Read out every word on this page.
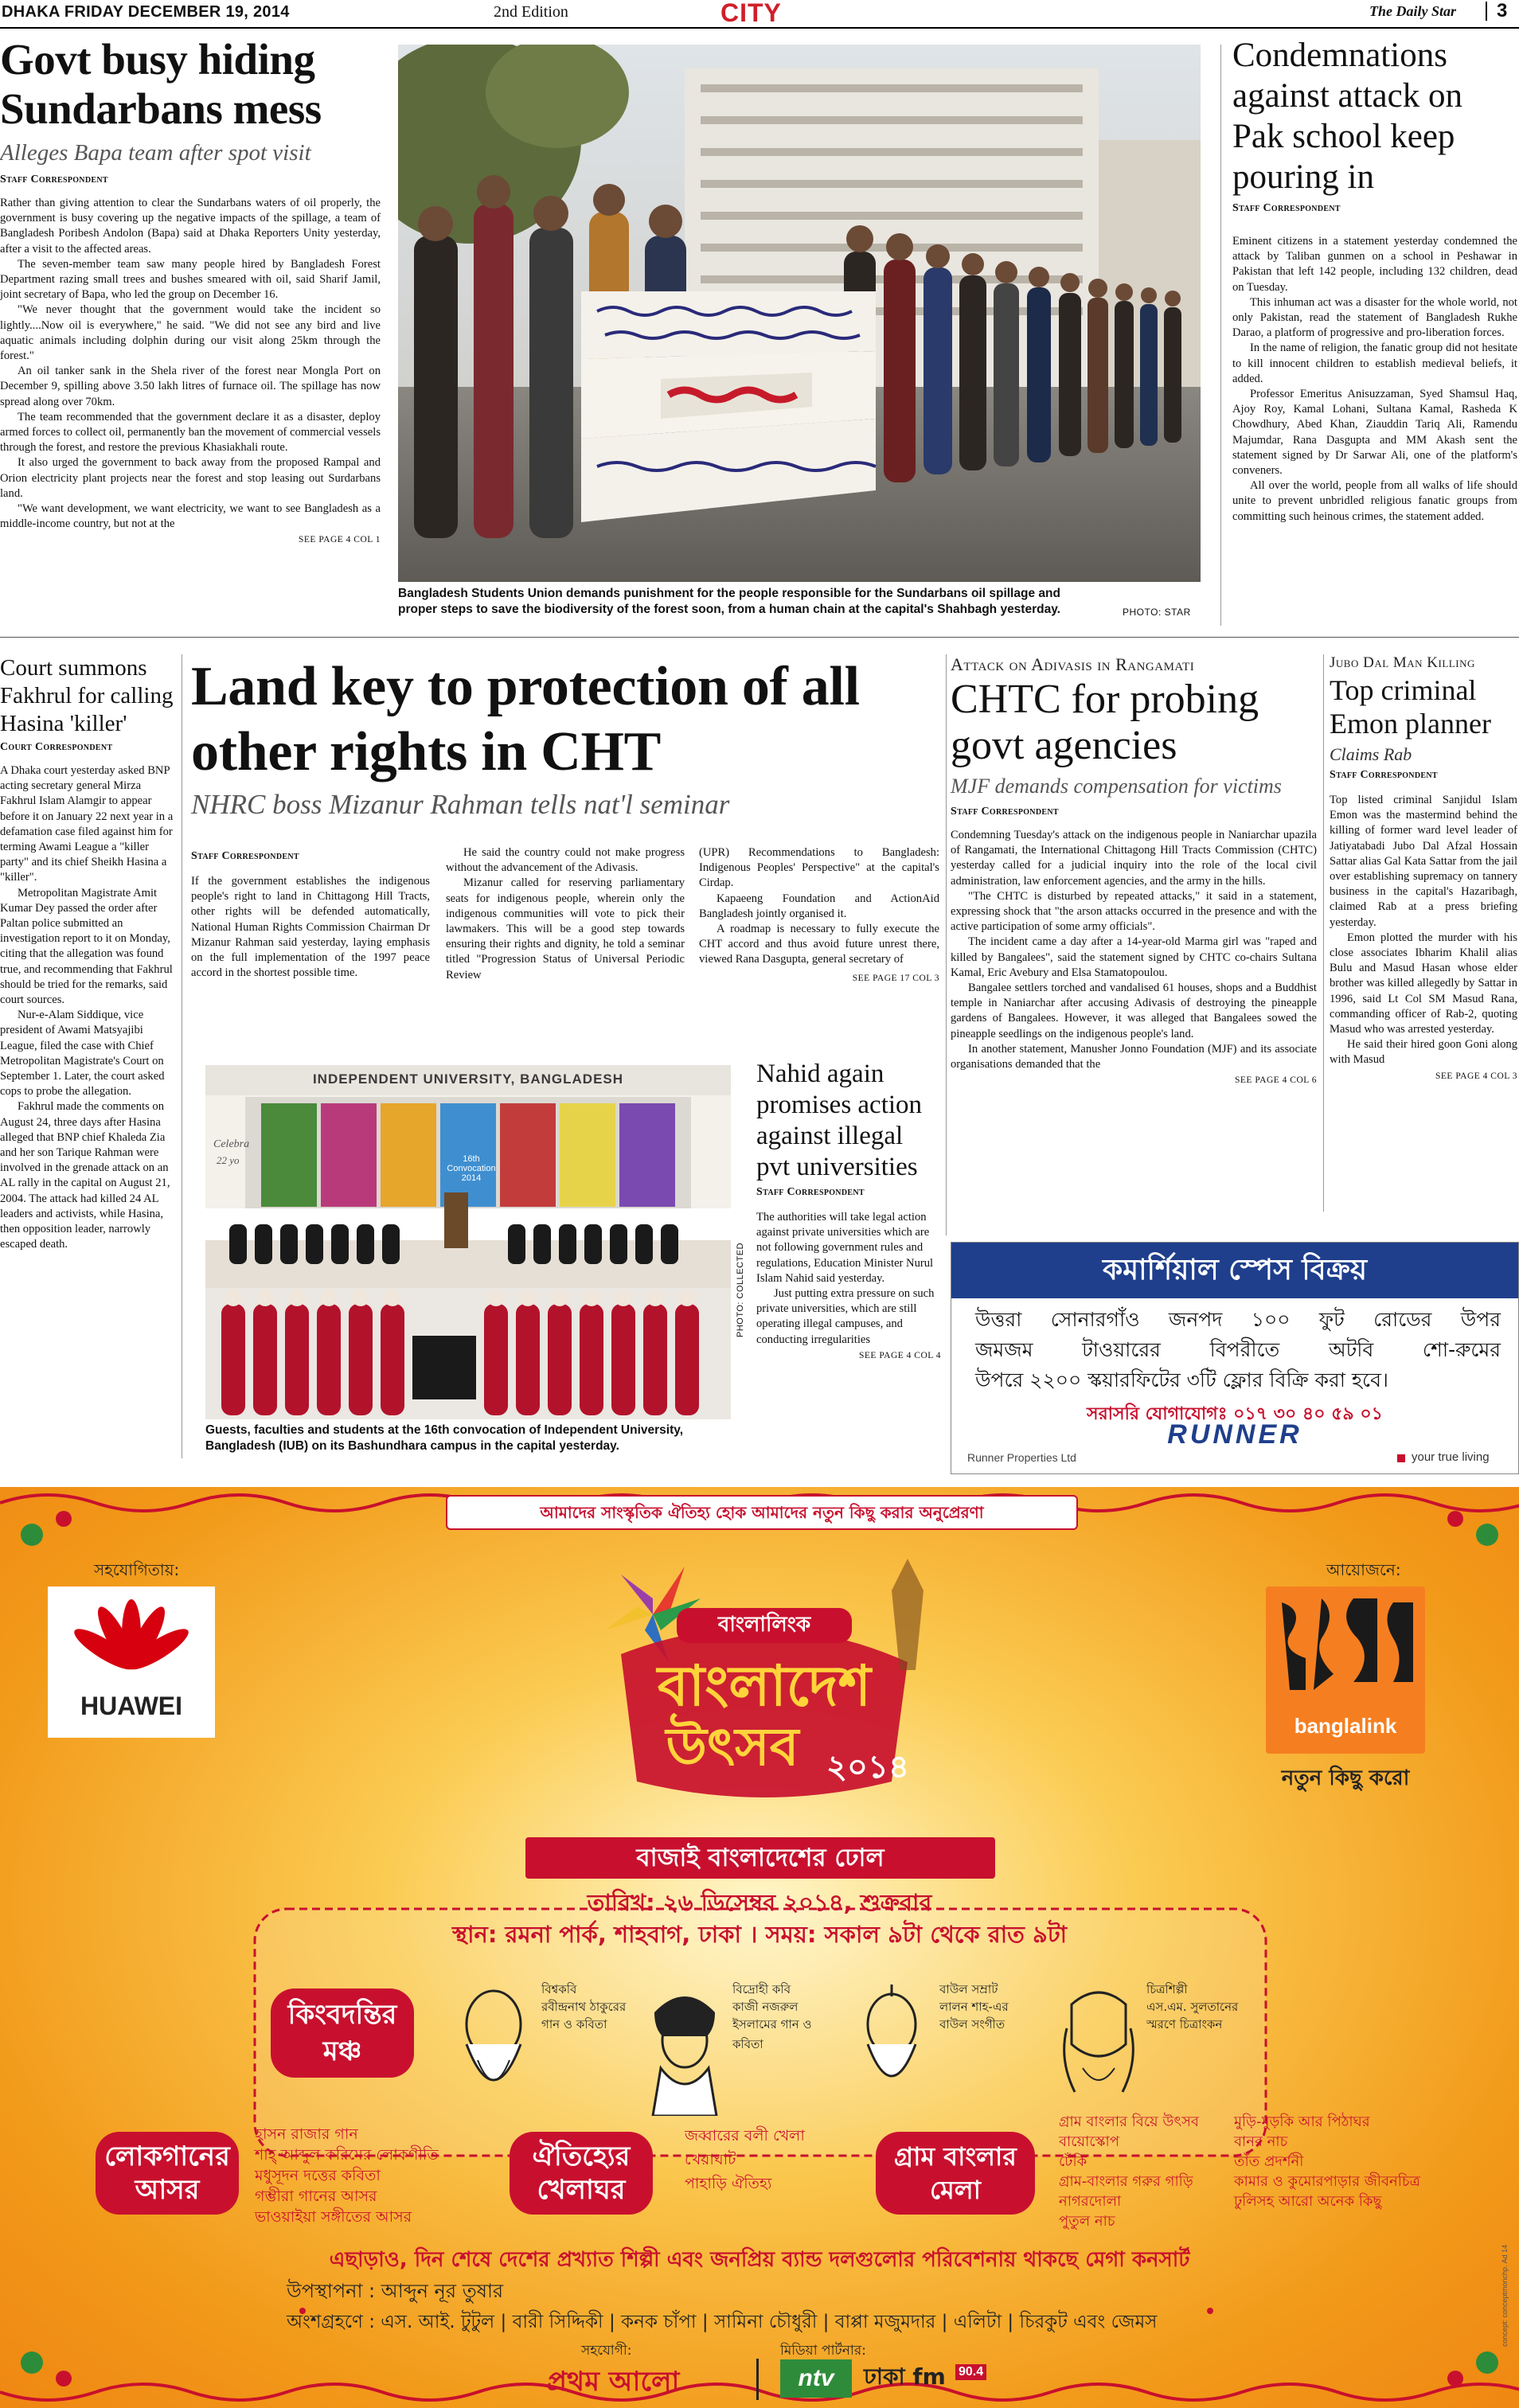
DHAKA FRIDAY DECEMBER 19, 2014	2nd Edition	CITY	The Daily Star 3
Govt busy hiding Sundarbans mess
Alleges Bapa team after spot visit
Staff Correspondent

Rather than giving attention to clear the Sundarbans waters of oil properly, the government is busy covering up the negative impacts of the spillage, a team of Bangladesh Poribesh Andolon (Bapa) said at Dhaka Reporters Unity yesterday, after a visit to the affected areas.

The seven-member team saw many people hired by Bangladesh Forest Department razing small trees and bushes smeared with oil, said Sharif Jamil, joint secretary of Bapa, who led the group on December 16.

"We never thought that the government would take the incident so lightly....Now oil is everywhere," he said. "We did not see any bird and live aquatic animals including dolphin during our visit along 25km through the forest."

An oil tanker sank in the Shela river of the forest near Mongla Port on December 9, spilling above 3.50 lakh litres of furnace oil. The spillage has now spread along over 70km.

The team recommended that the government declare it as a disaster, deploy armed forces to collect oil, permanently ban the movement of commercial vessels through the forest, and restore the previous Khasiakhali route.

It also urged the government to back away from the proposed Rampal and Orion electricity plant projects near the forest and stop leasing out Surdarbans land.

"We want development, we want electricity, we want to see Bangladesh as a middle-income country, but not at the

SEE PAGE 4 COL 1
Bangladesh Students Union demands punishment for the people responsible for the Sundarbans oil spillage and proper steps to save the biodiversity of the forest soon, from a human chain at the capital's Shahbagh yesterday.	PHOTO: STAR
Condemnations against attack on Pak school keep pouring in
Staff Correspondent

Eminent citizens in a statement yesterday condemned the attack by Taliban gunmen on a school in Peshawar in Pakistan that left 142 people, including 132 children, dead on Tuesday.

This inhuman act was a disaster for the whole world, not only Pakistan, read the statement of Bangladesh Rukhe Darao, a platform of progressive and pro-liberation forces.

In the name of religion, the fanatic group did not hesitate to kill innocent children to establish medieval beliefs, it added.

Professor Emeritus Anisuzzaman, Syed Shamsul Haq, Ajoy Roy, Kamal Lohani, Sultana Kamal, Rasheda K Chowdhury, Abed Khan, Ziauddin Tariq Ali, Ramendu Majumdar, Rana Dasgupta and MM Akash sent the statement signed by Dr Sarwar Ali, one of the platform's conveners.

All over the world, people from all walks of life should unite to prevent unbridled religious fanatic groups from committing such heinous crimes, the statement added.

Court summons Fakhrul for calling Hasina 'killer'
Court Correspondent

A Dhaka court yesterday asked BNP acting secretary general Mirza Fakhrul Islam Alamgir to appear before it on January 22 next year in a defamation case filed against him for terming Awami League a "killer party" and its chief Sheikh Hasina a "killer".

Metropolitan Magistrate Amit Kumar Dey passed the order after Paltan police submitted an investigation report to it on Monday, citing that the allegation was found true, and recommending that Fakhrul should be tried for the remarks, said court sources.

Nur-e-Alam Siddique, vice president of Awami Matsyajibi League, filed the case with Chief Metropolitan Magistrate's Court on September 1. Later, the court asked cops to probe the allegation.

Fakhrul made the comments on August 24, three days after Hasina alleged that BNP chief Khaleda Zia and her son Tarique Rahman were involved in the grenade attack on an AL rally in the capital on August 21, 2004. The attack had killed 24 AL leaders and activists, while Hasina, then opposition leader, narrowly escaped death.

Land key to protection of all other rights in CHT
NHRC boss Mizanur Rahman tells nat'l seminar
Staff Correspondent
If the government establishes the indigenous people's right to land in Chittagong Hill Tracts, other rights will be defended automatically, National Human Rights Commission Chairman Dr Mizanur Rahman said yesterday, laying emphasis on the full implementation of the 1997 peace accord in the shortest possible time.

He said the country could not make progress without the advancement of the Adivasis.

Mizanur called for reserving parliamentary seats for indigenous people, wherein only the indigenous communities will vote to pick their lawmakers. This will be a good step towards ensuring their rights and dignity, he told a seminar titled "Progression Status of Universal Periodic Review

(UPR) Recommendations to Bangladesh: Indigenous Peoples' Perspective" at the capital's Cirdap.

Kapaeeng Foundation and ActionAid Bangladesh jointly organised it.

A roadmap is necessary to fully execute the CHT accord and thus avoid future unrest there, viewed Rana Dasgupta, general secretary of

SEE PAGE 17 COL 3
INDEPENDENT UNIVERSITY, BANGLADESH
16th Convocation 2014
Celebra
22 yo
PHOTO: COLLECTED
Guests, faculties and students at the 16th convocation of Independent University, Bangladesh (IUB) on its Bashundhara campus in the capital yesterday.
Nahid again promises action against illegal pvt universities
Staff Correspondent

The authorities will take legal action against private universities which are not following government rules and regulations, Education Minister Nurul Islam Nahid said yesterday.

Just putting extra pressure on such private universities, which are still operating illegal campuses, and conducting irregularities

SEE PAGE 4 COL 4
Attack on Adivasis in Rangamati
CHTC for probing govt agencies
MJF demands compensation for victims
Staff Correspondent

Condemning Tuesday's attack on the indigenous people in Naniarchar upazila of Rangamati, the International Chittagong Hill Tracts Commission (CHTC) yesterday called for a judicial inquiry into the role of the local civil administration, law enforcement agencies, and the army in the hills.

"The CHTC is disturbed by repeated attacks," it said in a statement, expressing shock that "the arson attacks occurred in the presence and with the active participation of some army officials".

The incident came a day after a 14-year-old Marma girl was "raped and killed by Bangalees", said the statement signed by CHTC co-chairs Sultana Kamal, Eric Avebury and Elsa Stamatopoulou.

Bangalee settlers torched and vandalised 61 houses, shops and a Buddhist temple in Naniarchar after accusing Adivasis of destroying the pineapple gardens of Bangalees. However, it was alleged that Bangalees sowed the pineapple seedlings on the indigenous people's land.

In another statement, Manusher Jonno Foundation (MJF) and its associate organisations demanded that the

SEE PAGE 4 COL 6
Jubo Dal Man Killing
Top criminal Emon planner
Claims Rab
Staff Correspondent

Top listed criminal Sanjidul Islam Emon was the mastermind behind the killing of former ward level leader of Jatiyatabadi Jubo Dal Afzal Hossain Sattar alias Gal Kata Sattar from the jail over establishing supremacy on tannery business in the capital's Hazaribagh, claimed Rab at a press briefing yesterday.

Emon plotted the murder with his close associates Ibharim Khalil alias Bulu and Masud Hasan whose elder brother was killed allegedly by Sattar in 1996, said Lt Col SM Masud Rana, commanding officer of Rab-2, quoting Masud who was arrested yesterday.

He said their hired goon Goni along with Masud

SEE PAGE 4 COL 3
কমার্শিয়াল স্পেস বিক্রয়
উত্তরা সোনারগাঁও জনপদ ১০০ ফুট রোডের উপর
জমজম টাওয়ারের বিপরীতে অটবি শো-রুমের
উপরে ২২০০ স্কয়ারফিটের ৩টি ফ্লোর বিক্রি করা হবে।
সরাসরি যোগাযোগঃ ০১৭ ৩০ ৪০ ৫৯ ০১
RUNNER
Runner Properties Ltd	your true living
আমাদের সাংস্কৃতিক ঐতিহ্য হোক আমাদের নতুন কিছু করার অনুপ্রেরণা
সহযোগিতায়:
HUAWEI
আয়োজনে:
banglalink
নতুন কিছু করো
বাংলালিংক
বাংলাদেশ
উৎসব ২০১৪
বাজাই বাংলাদেশের ঢোল
তারিখ: ২৬ ডিসেম্বর ২০১৪, শুক্রবার
স্থান: রমনা পার্ক, শাহবাগ, ঢাকা । সময়: সকাল ৯টা থেকে রাত ৯টা
কিংবদন্তির মঞ্চ
বিশ্বকবি
রবীন্দ্রনাথ ঠাকুরের
গান ও কবিতা
বিদ্রোহী কবি
কাজী নজরুল
ইসলামের গান ও কবিতা
বাউল সম্রাট
লালন শাহ-এর
বাউল সংগীত
চিত্রশিল্পী
এস.এম. সুলতানের
স্মরণে চিত্রাংকন
লোকগানের আসর
হাসন রাজার গান
শাহ্ আব্দুল করিমের লোকগীতি
মধুসূদন দত্তের কবিতা
গম্ভীরা গানের আসর
ভাওয়াইয়া সঙ্গীতের আসর
ঐতিহ্যের খেলাঘর
জব্বারের বলী খেলা
খেয়াঘাট
পাহাড়ি ঐতিহ্য
গ্রাম বাংলার মেলা
গ্রাম বাংলার বিয়ে উৎসব
বায়োস্কোপ
ঢেঁকি
গ্রাম-বাংলার গরুর গাড়ি
নাগরদোলা
পুতুল নাচ
মুড়ি-মুড়কি আর পিঠাঘর
বানর নাচ
তাঁত প্রদর্শনী
কামার ও কুমোরপাড়ার জীবনচিত্র
ঢুলিসহ আরো অনেক কিছু
এছাড়াও, দিন শেষে দেশের প্রখ্যাত শিল্পী এবং জনপ্রিয় ব্যান্ড দলগুলোর পরিবেশনায় থাকছে মেগা কনসার্ট
উপস্থাপনা : আব্দুন নূর তুষার
অংশগ্রহণে : এস. আই. টুটুল | বারী সিদ্দিকী | কনক চাঁপা | সামিনা চৌধুরী | বাপ্পা মজুমদার | এলিটা | চিরকুট এবং জেমস
সহযোগী:	মিডিয়া পার্টনার:
প্রথম আলো	ntv	ঢাকা fm 90.4
concept: conceptmonchp. Ad 14
